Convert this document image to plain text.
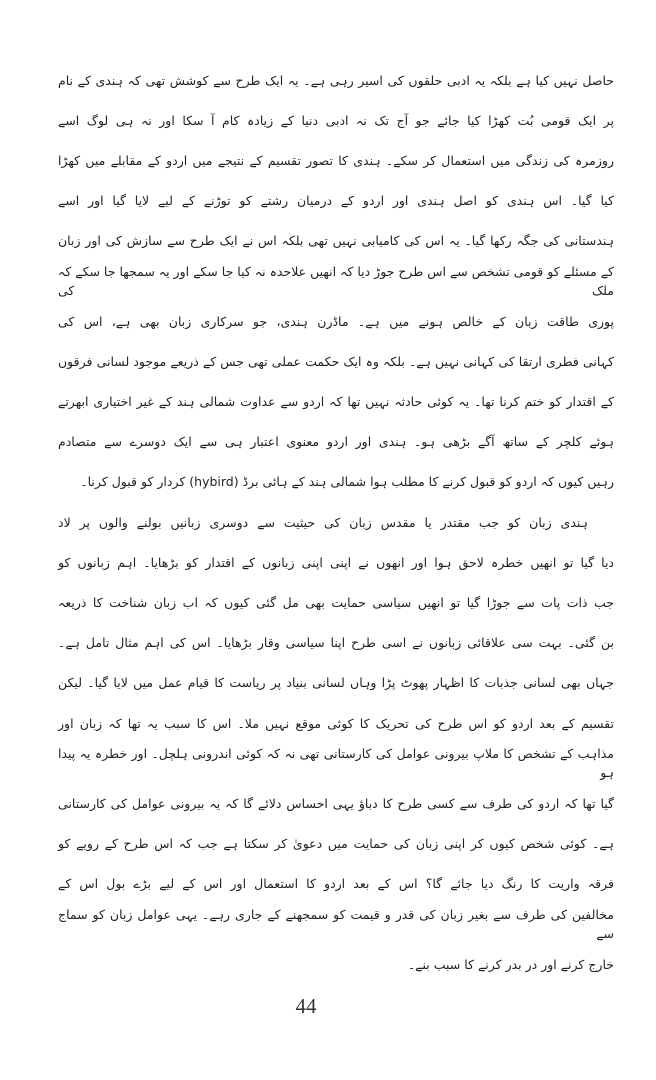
حاصل نہیں کیا ہے بلکہ یہ ادبی حلقوں کی اسیر رہی ہے۔ یہ ایک طرح سے کوشش تھی کہ ہندی کے نام
پر ایک قومی بُت کھڑا کیا جائے جو آج تک نہ ادبی دنیا کے زیادہ کام آ سکا اور نہ ہی لوگ اسے
روزمرہ کی زندگی میں استعمال کر سکے۔ ہندی کا تصور تقسیم کے نتیجے میں اردو کے مقابلے میں کھڑا
کیا گیا۔ اس ہندی کو اصل ہندی اور اردو کے درمیان رشتے کو توڑنے کے لیے لایا گیا اور اسے
ہندستانی کی جگہ رکھا گیا۔ یہ اس کی کامیابی نہیں تھی بلکہ اس نے ایک طرح سے سازش کی اور زبان
کے مسئلے کو قومی تشخص سے اس طرح جوڑ دیا کہ انھیں علاحدہ نہ کیا جا سکے اور یہ سمجھا جا سکے کہ ملک کی
پوری طاقت زبان کے خالص ہونے میں ہے۔ ماڈرن ہندی، جو سرکاری زبان بھی ہے، اس کی
کہانی فطری ارتقا کی کہانی نہیں ہے۔ بلکہ وہ ایک حکمت عملی تھی جس کے ذریعے موجود لسانی فرقوں
کے اقتدار کو ختم کرنا تھا۔ یہ کوئی حادثہ نہیں تھا کہ اردو سے عداوت شمالی ہند کے غیر اختیاری ابھرتے
ہوئے کلچر کے ساتھ آگے بڑھی ہو۔ ہندی اور اردو معنوی اعتبار ہی سے ایک دوسرے سے متصادم
رہیں کیوں کہ اردو کو قبول کرنے کا مطلب ہوا شمالی ہند کے ہائی برڈ (hybird) کردار کو قبول کرنا۔
ہندی زبان کو جب مقتدر یا مقدس زبان کی حیثیت سے دوسری زبانیں بولنے والوں پر لاد
دیا گیا تو انھیں خطرہ لاحق ہوا اور انھوں نے اپنی اپنی زبانوں کے اقتدار کو بڑھایا۔ اہم زبانوں کو
جب ذات پات سے جوڑا گیا تو انھیں سیاسی حمایت بھی مل گئی کیوں کہ اب زبان شناخت کا ذریعہ
بن گئی۔ بہت سی علاقائی زبانوں نے اسی طرح اپنا سیاسی وقار بڑھایا۔ اس کی اہم مثال تامل ہے۔
جہاں بھی لسانی جذبات کا اظہار پھوٹ پڑا وہاں لسانی بنیاد پر ریاست کا قیام عمل میں لایا گیا۔ لیکن
تقسیم کے بعد اردو کو اس طرح کی تحریک کا کوئی موقع نہیں ملا۔ اس کا سبب یہ تھا کہ زبان اور
مذاہب کے تشخص کا ملاپ بیرونی عوامل کی کارستانی تھی نہ کہ کوئی اندرونی ہلچل۔ اور خطرہ یہ پیدا ہو
گیا تھا کہ اردو کی طرف سے کسی طرح کا دباؤ یہی احساس دلائے گا کہ یہ بیرونی عوامل کی کارستانی
ہے۔ کوئی شخص کیوں کر اپنی زبان کی حمایت میں دعویٰ کر سکتا ہے جب کہ اس طرح کے رویے کو
فرقہ واریت کا رنگ دیا جائے گا؟ اس کے بعد اردو کا استعمال اور اس کے لیے بڑے بول اس کے
مخالفین کی طرف سے بغیر زبان کی قدر و قیمت کو سمجھنے کے جاری رہے۔ یہی عوامل زبان کو سماج سے
خارج کرنے اور در بدر کرنے کا سبب بنے۔
44
